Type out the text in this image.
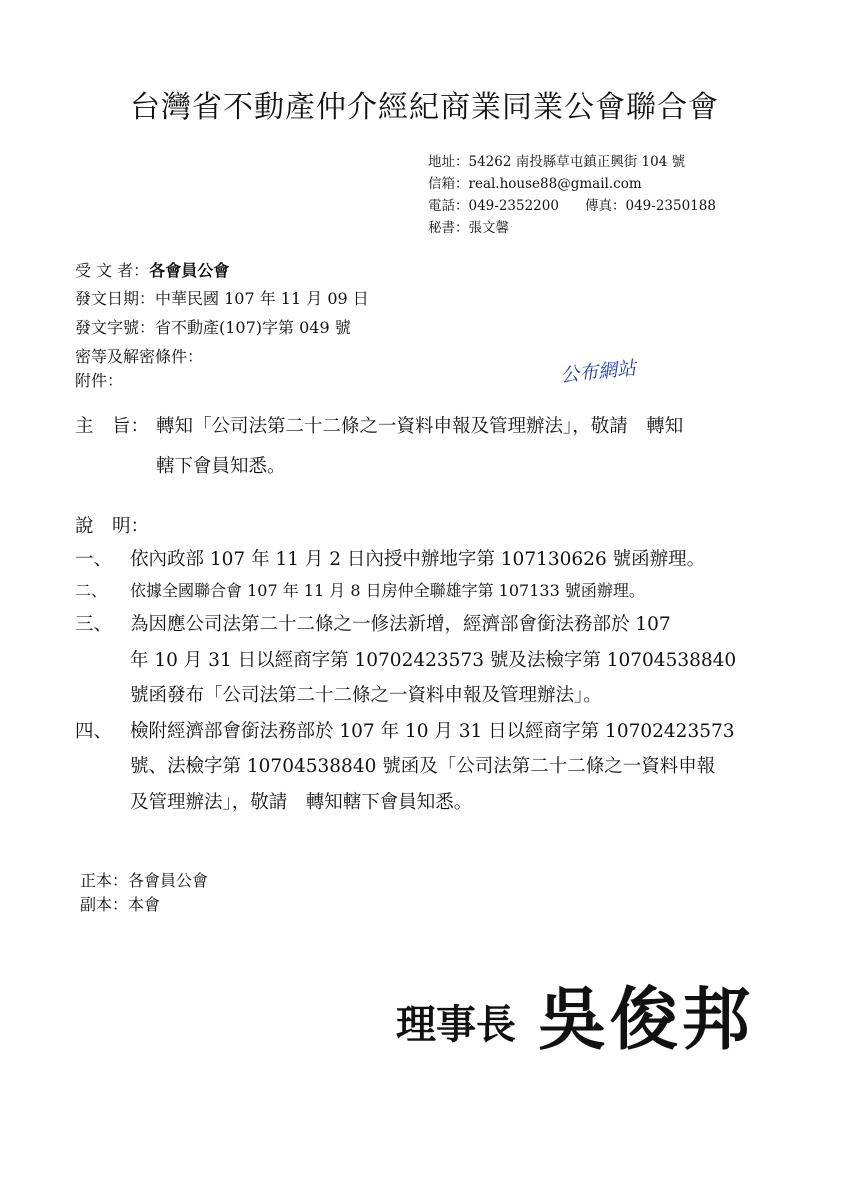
台灣省不動產仲介經紀商業同業公會聯合會
地址：54262 南投縣草屯鎮正興街 104 號
信箱：real.house88@gmail.com
電話：049-2352200 傳真：049-2350188
秘書：張文馨
受 文 者：各會員公會
發文日期：中華民國 107 年 11 月 09 日
發文字號：省不動產(107)字第 049 號
密等及解密條件：
附件：	公布網站
主　旨： 轉知「公司法第二十二條之一資料申報及管理辦法」，敬請　轉知
轄下會員知悉。
說　明：
一、 依內政部 107 年 11 月 2 日內授中辦地字第 107130626 號函辦理。
二、 依據全國聯合會 107 年 11 月 8 日房仲全聯雄字第 107133 號函辦理。
三、 為因應公司法第二十二條之一修法新增，經濟部會銜法務部於 107
年 10 月 31 日以經商字第 10702423573 號及法檢字第 10704538840
號函發布「公司法第二十二條之一資料申報及管理辦法」。
四、 檢附經濟部會銜法務部於 107 年 10 月 31 日以經商字第 10702423573
號、法檢字第 10704538840 號函及「公司法第二十二條之一資料申報
及管理辦法」，敬請　轉知轄下會員知悉。
正本：各會員公會
副本：本會
理事長 吳俊邦
